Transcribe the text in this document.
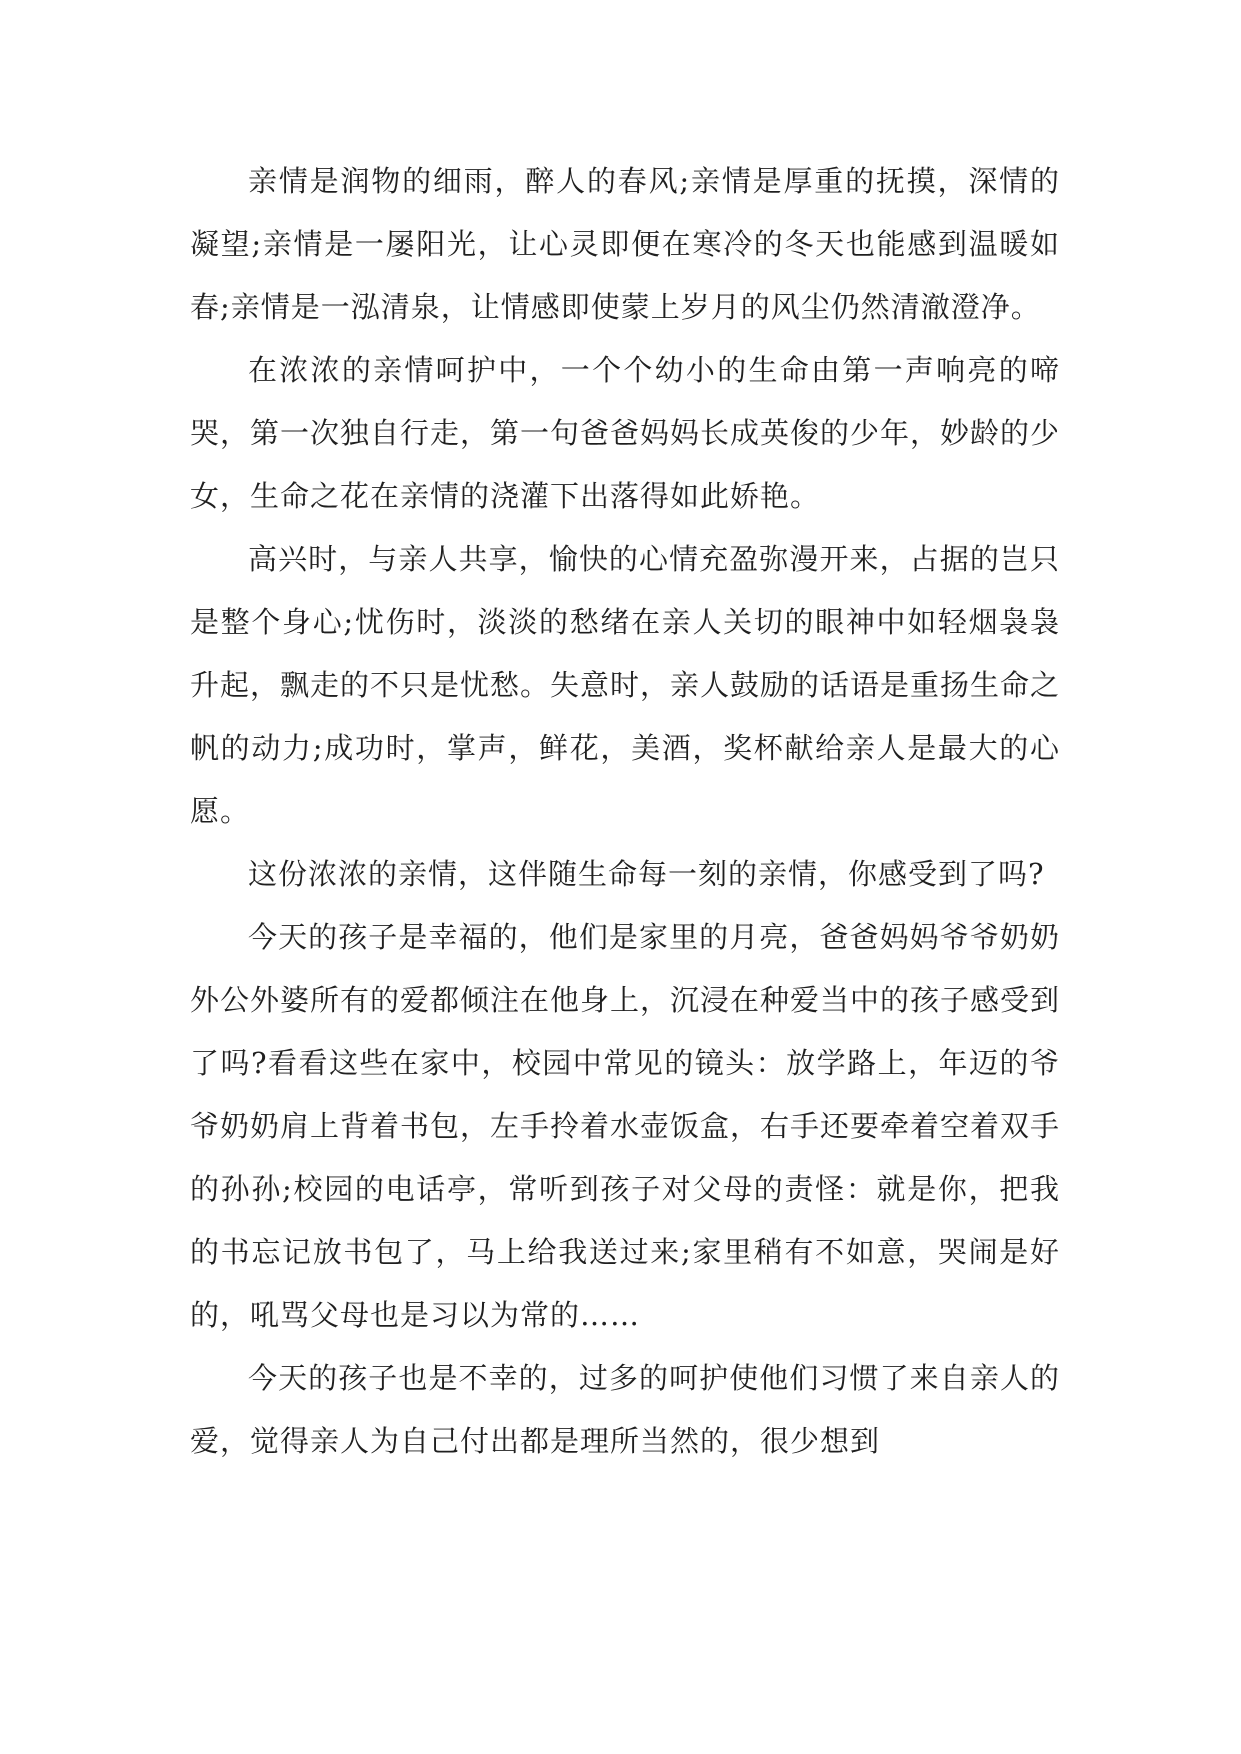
亲情是润物的细雨，醉人的春风;亲情是厚重的抚摸，深情的凝望;亲情是一屡阳光，让心灵即便在寒冷的冬天也能感到温暖如春;亲情是一泓清泉，让情感即使蒙上岁月的风尘仍然清澈澄净。

在浓浓的亲情呵护中，一个个幼小的生命由第一声响亮的啼哭，第一次独自行走，第一句爸爸妈妈长成英俊的少年，妙龄的少女，生命之花在亲情的浇灌下出落得如此娇艳。

高兴时，与亲人共享，愉快的心情充盈弥漫开来，占据的岂只是整个身心;忧伤时，淡淡的愁绪在亲人关切的眼神中如轻烟袅袅升起，飘走的不只是忧愁。失意时，亲人鼓励的话语是重扬生命之帆的动力;成功时，掌声，鲜花，美酒，奖杯献给亲人是最大的心愿。

这份浓浓的亲情，这伴随生命每一刻的亲情，你感受到了吗?

今天的孩子是幸福的，他们是家里的月亮，爸爸妈妈爷爷奶奶外公外婆所有的爱都倾注在他身上，沉浸在种爱当中的孩子感受到了吗?看看这些在家中，校园中常见的镜头：放学路上，年迈的爷爷奶奶肩上背着书包，左手拎着水壶饭盒，右手还要牵着空着双手的孙孙;校园的电话亭，常听到孩子对父母的责怪：就是你，把我的书忘记放书包了，马上给我送过来;家里稍有不如意，哭闹是好的，吼骂父母也是习以为常的……

今天的孩子也是不幸的，过多的呵护使他们习惯了来自亲人的爱，觉得亲人为自己付出都是理所当然的，很少想到
